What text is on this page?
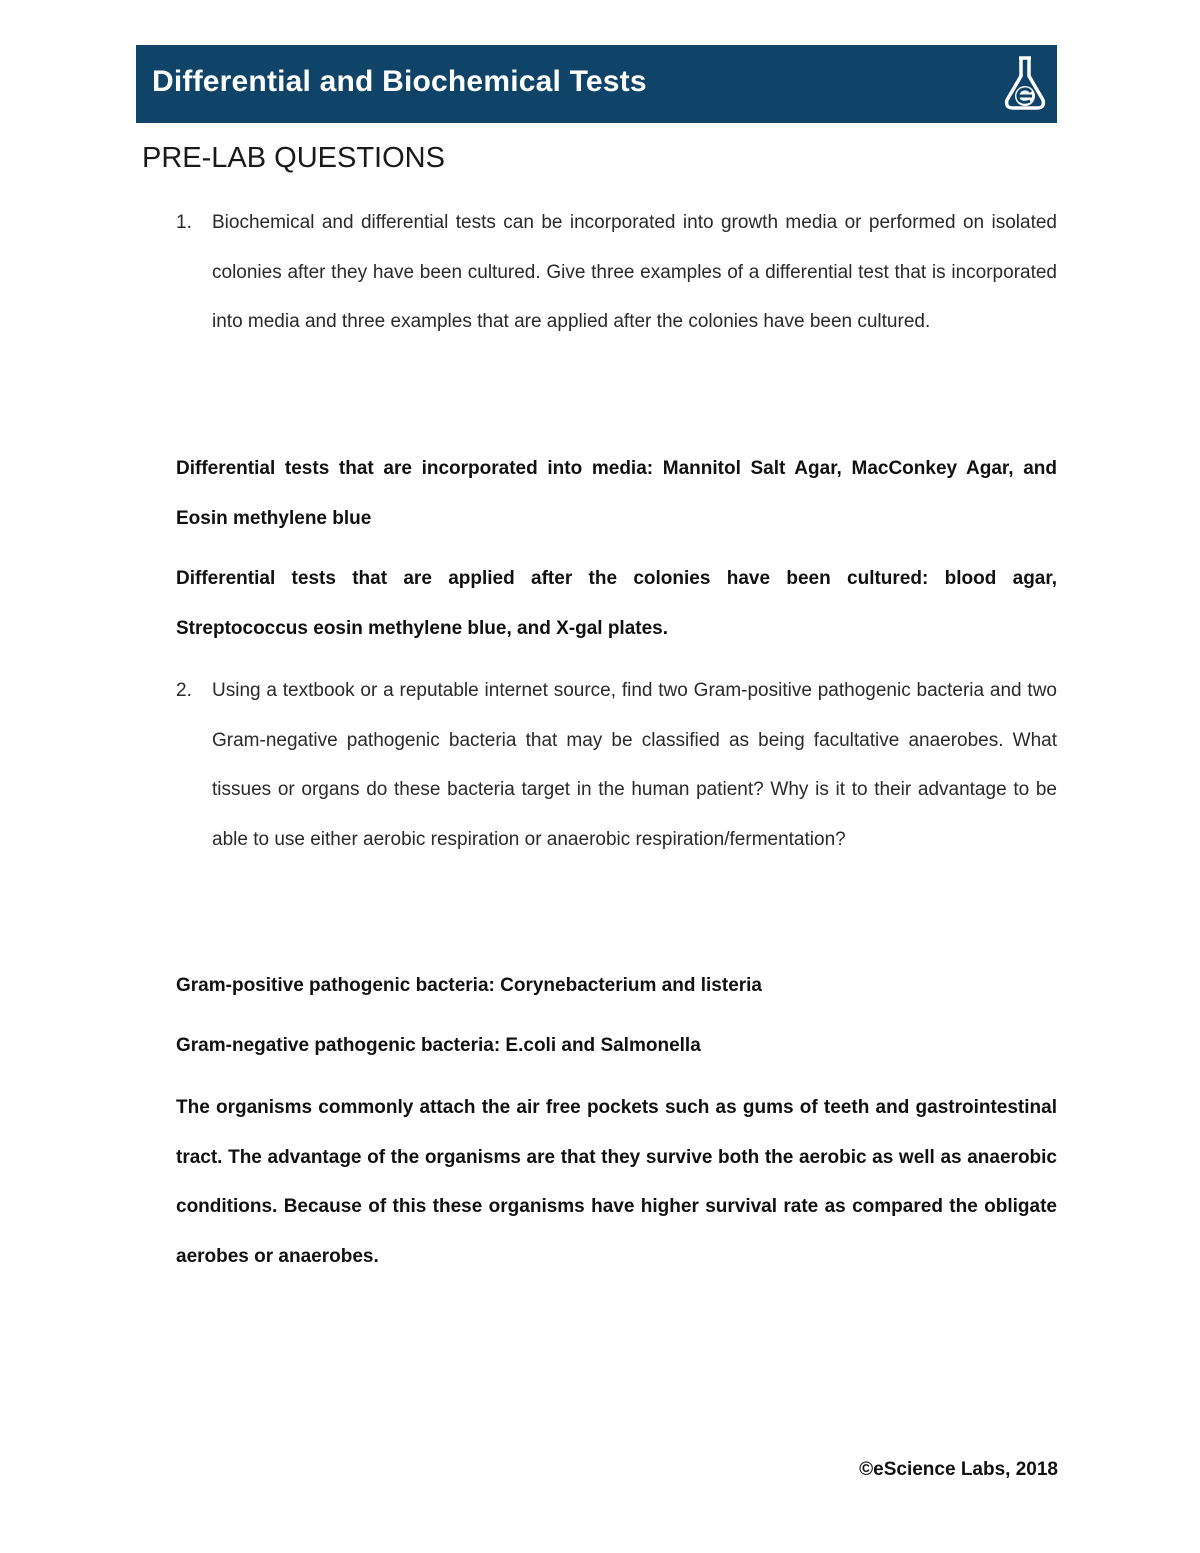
Differential and Biochemical Tests
PRE-LAB QUESTIONS
1. Biochemical and differential tests can be incorporated into growth media or performed on isolated colonies after they have been cultured. Give three examples of a differential test that is incorporated into media and three examples that are applied after the colonies have been cultured.
Differential tests that are incorporated into media: Mannitol Salt Agar, MacConkey Agar, and Eosin methylene blue
Differential tests that are applied after the colonies have been cultured: blood agar, Streptococcus eosin methylene blue, and X-gal plates.
2. Using a textbook or a reputable internet source, find two Gram-positive pathogenic bacteria and two Gram-negative pathogenic bacteria that may be classified as being facultative anaerobes. What tissues or organs do these bacteria target in the human patient? Why is it to their advantage to be able to use either aerobic respiration or anaerobic respiration/fermentation?
Gram-positive pathogenic bacteria: Corynebacterium and listeria
Gram-negative pathogenic bacteria: E.coli and Salmonella
The organisms commonly attach the air free pockets such as gums of teeth and gastrointestinal tract. The advantage of the organisms are that they survive both the aerobic as well as anaerobic conditions. Because of this these organisms have higher survival rate as compared the obligate aerobes or anaerobes.
©eScience Labs, 2018
